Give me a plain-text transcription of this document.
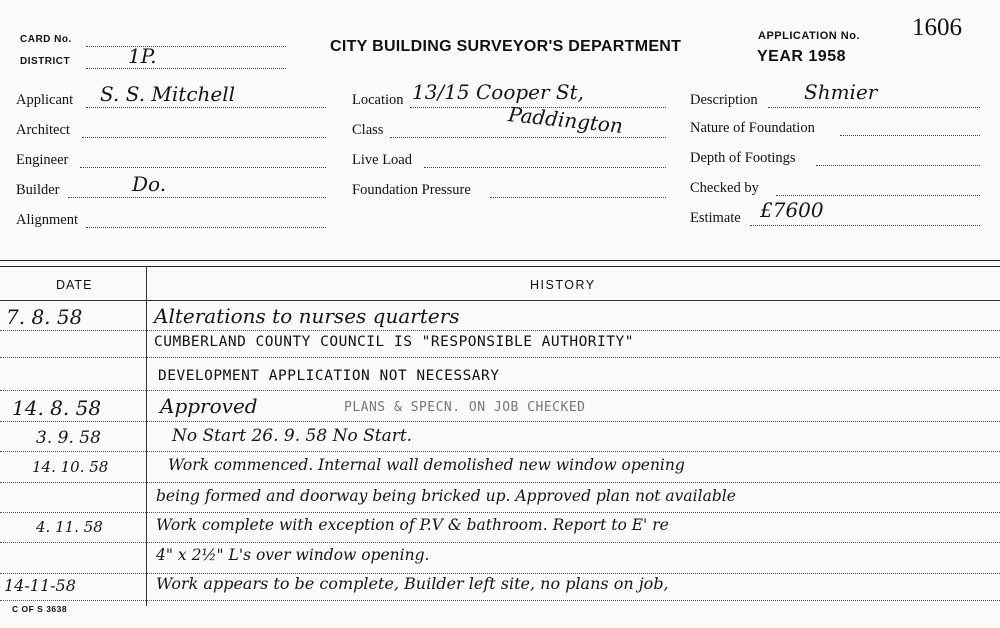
CARD No.
DISTRICT	1P.	CITY BUILDING SURVEYOR'S DEPARTMENT
APPLICATION No. 1606
YEAR 1958
Applicant S. S. Mitchell
Architect
Engineer
Builder	Do.
Alignment
Location 13/15 Cooper St,
Paddington
Class
Live Load
Foundation Pressure
Description Shmier
Nature of Foundation
Depth of Footings
Checked by
Estimate £7600
DATE	HISTORY
7. 8. 58	Alterations to nurses quarters
CUMBERLAND COUNTY COUNCIL IS "RESPONSIBLE AUTHORITY"
DEVELOPMENT APPLICATION NOT NECESSARY
14. 8. 58	Approved	PLANS & SPECN. ON JOB CHECKED
3. 9. 58	No Start 26. 9. 58 No Start.
14. 10. 58	Work commenced. Internal wall demolished new window opening
being formed and doorway being bricked up. Approved plan not available
4. 11. 58	Work complete with exception of P.V & bathroom. Report to E' re
4" x 2½" L's over window opening.
14-11-58	Work appears to be complete, Builder left site, no plans on job,
C OF S 3638
